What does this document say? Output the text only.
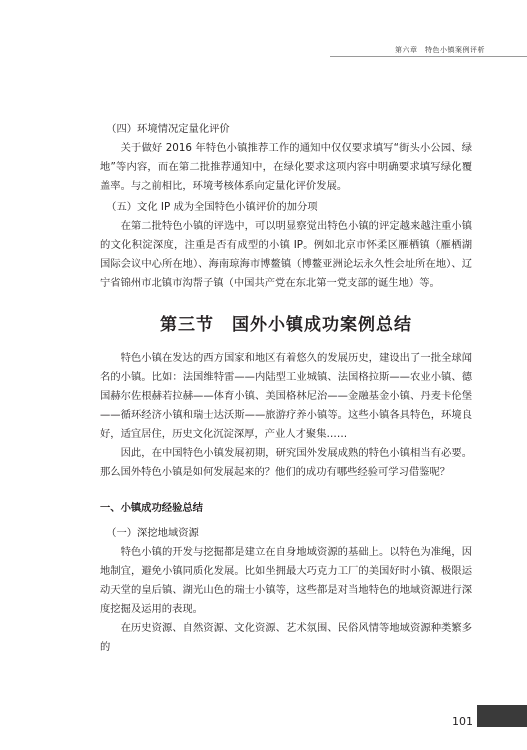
第六章　特色小镇案例评析

（四）环境情况定量化评价

关于做好 2016 年特色小镇推荐工作的通知中仅仅要求填写“街头小公园、绿地”等内容，而在第二批推荐通知中，在绿化要求这项内容中明确要求填写绿化覆盖率。与之前相比，环境考核体系向定量化评价发展。

（五）文化 IP 成为全国特色小镇评价的加分项

在第二批特色小镇的评选中，可以明显察觉出特色小镇的评定越来越注重小镇的文化积淀深度，注重是否有成型的小镇 IP。例如北京市怀柔区雁栖镇（雁栖湖国际会议中心所在地）、海南琼海市博鳌镇（博鳌亚洲论坛永久性会址所在地）、辽宁省锦州市北镇市沟帮子镇（中国共产党在东北第一党支部的诞生地）等。

第三节　国外小镇成功案例总结

特色小镇在发达的西方国家和地区有着悠久的发展历史，建设出了一批全球闻名的小镇。比如：法国维特雷——内陆型工业城镇、法国格拉斯——农业小镇、德国赫尔佐根赫若拉赫——体育小镇、美国格林尼治——金融基金小镇、丹麦卡伦堡——循环经济小镇和瑞士达沃斯——旅游疗养小镇等。这些小镇各具特色，环境良好，适宜居住，历史文化沉淀深厚，产业人才聚集……

因此，在中国特色小镇发展初期，研究国外发展成熟的特色小镇相当有必要。那么国外特色小镇是如何发展起来的？他们的成功有哪些经验可学习借鉴呢？

一、小镇成功经验总结

（一）深挖地域资源

特色小镇的开发与挖掘都是建立在自身地域资源的基础上。以特色为准绳，因地制宜，避免小镇同质化发展。比如坐拥最大巧克力工厂的美国好时小镇、极限运动天堂的皇后镇、湖光山色的瑞士小镇等，这些都是对当地特色的地域资源进行深度挖掘及运用的表现。

在历史资源、自然资源、文化资源、艺术氛围、民俗风情等地域资源种类繁多的

101
